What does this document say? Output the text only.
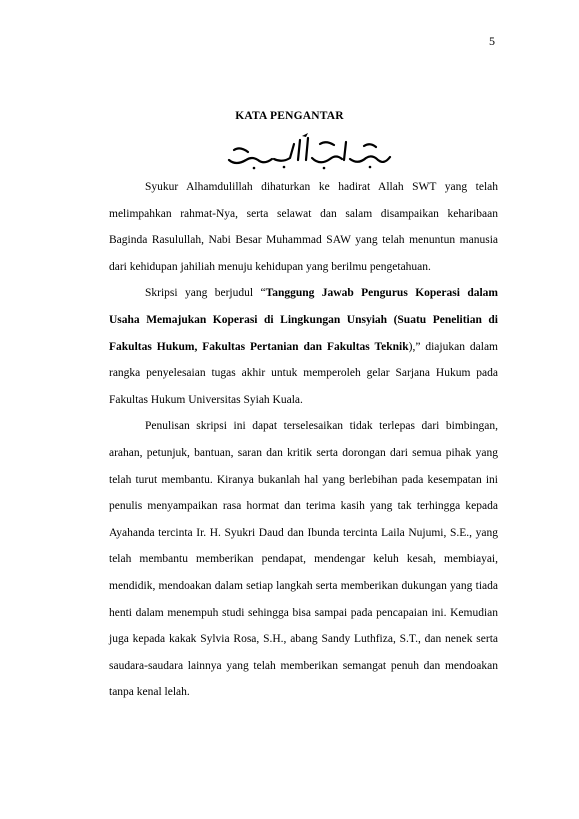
5
KATA PENGANTAR

Syukur Alhamdulillah dihaturkan ke hadirat Allah SWT yang telah melimpahkan rahmat-Nya, serta selawat dan salam disampaikan keharibaan Baginda Rasulullah, Nabi Besar Muhammad SAW yang telah menuntun manusia dari kehidupan jahiliah menuju kehidupan yang berilmu pengetahuan.

Skripsi yang berjudul “Tanggung Jawab Pengurus Koperasi dalam Usaha Memajukan Koperasi di Lingkungan Unsyiah (Suatu Penelitian di Fakultas Hukum, Fakultas Pertanian dan Fakultas Teknik),” diajukan dalam rangka penyelesaian tugas akhir untuk memperoleh gelar Sarjana Hukum pada Fakultas Hukum Universitas Syiah Kuala.

Penulisan skripsi ini dapat terselesaikan tidak terlepas dari bimbingan, arahan, petunjuk, bantuan, saran dan kritik serta dorongan dari semua pihak yang telah turut membantu. Kiranya bukanlah hal yang berlebihan pada kesempatan ini penulis menyampaikan rasa hormat dan terima kasih yang tak terhingga kepada Ayahanda tercinta Ir. H. Syukri Daud dan Ibunda tercinta Laila Nujumi, S.E., yang telah membantu memberikan pendapat, mendengar keluh kesah, membiayai, mendidik, mendoakan dalam setiap langkah serta memberikan dukungan yang tiada henti dalam menempuh studi sehingga bisa sampai pada pencapaian ini. Kemudian juga kepada kakak Sylvia Rosa, S.H., abang Sandy Luthfiza, S.T., dan nenek serta saudara-saudara lainnya yang telah memberikan semangat penuh dan mendoakan tanpa kenal lelah.
